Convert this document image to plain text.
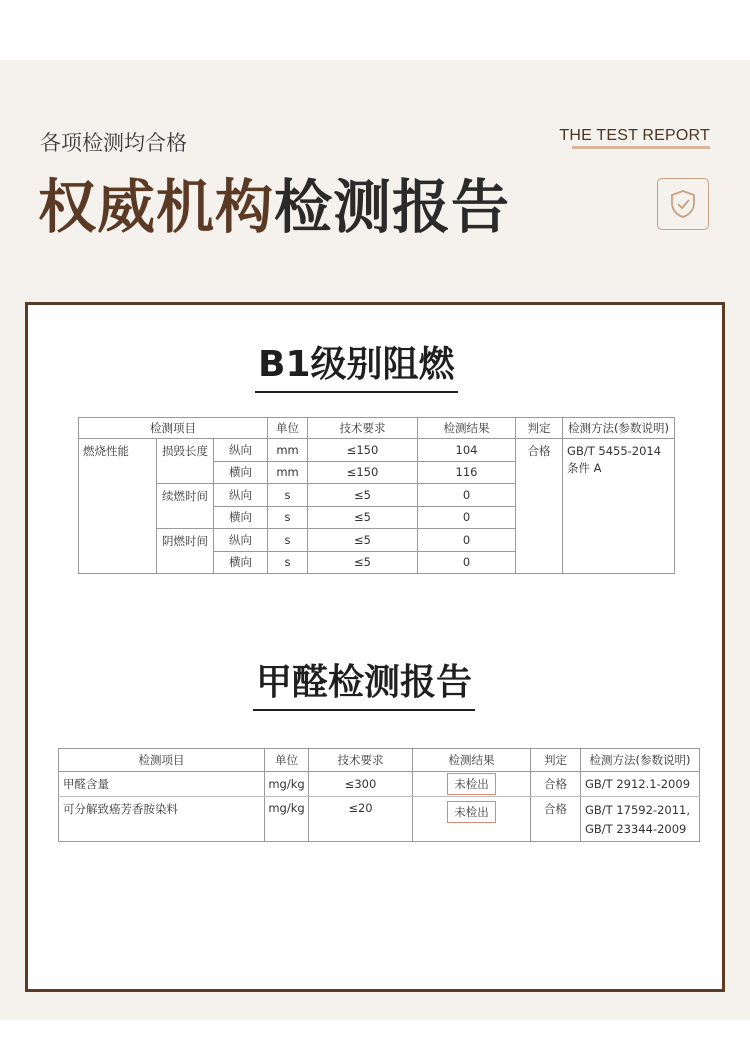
各项检测均合格	THE TEST REPORT
权威机构检测报告
B1级别阻燃
检测项目			单位	技术要求	检测结果	判定	检测方法(参数说明)
燃烧性能	损毁长度	纵向	mm	≤150	104	合格	GB/T 5455-2014 条件 A
		横向	mm	≤150	116		
	续燃时间	纵向	s	≤5	0		
		横向	s	≤5	0		
	阴燃时间	纵向	s	≤5	0		
		横向	s	≤5	0		
甲醛检测报告
检测项目	单位	技术要求	检测结果	判定	检测方法(参数说明)
甲醛含量	mg/kg	≤300	未检出	合格	GB/T 2912.1-2009
可分解致癌芳香胺染料	mg/kg	≤20	未检出	合格	GB/T 17592-2011, GB/T 23344-2009
